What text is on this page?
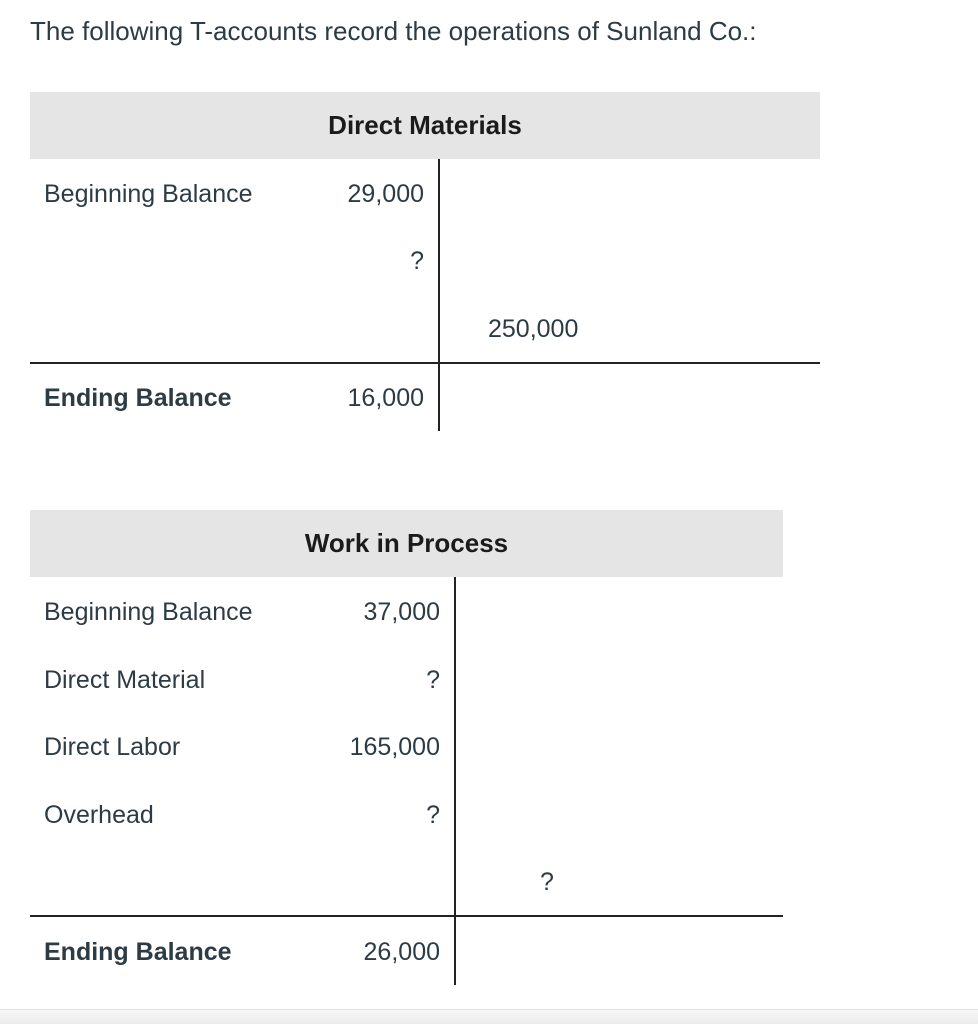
The following T-accounts record the operations of Sunland Co.:
Direct Materials
Beginning Balance	29,000
?
250,000
Ending Balance	16,000
Work in Process
Beginning Balance	37,000
Direct Material	?
Direct Labor	165,000
Overhead	?
?
Ending Balance	26,000
